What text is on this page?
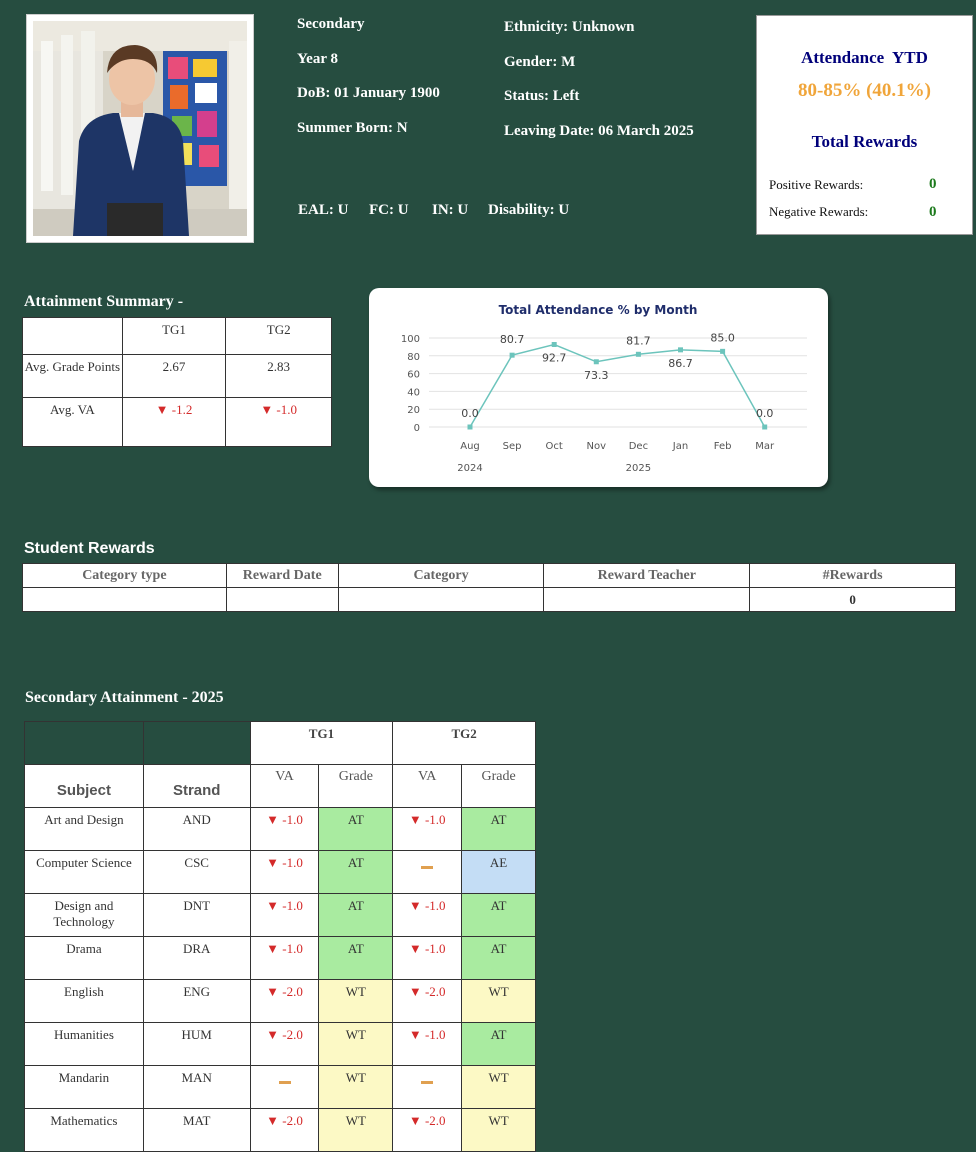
Secondary
Year 8
DoB: 01 January 1900
Summer Born: N
Ethnicity: Unknown
Gender: M
Status: Left
Leaving Date: 06 March 2025
EAL: U FC: U IN: U Disability: U
Attendance  YTD
80-85% (40.1%)
Total Rewards
Positive Rewards:	0
Negative Rewards:	0
Attainment Summary -
	TG1	TG2
Avg. Grade Points	2.67	2.83
Avg. VA	▼ -1.2	▼ -1.0
Total Attendance % by Month
0
20
40
60
80
100
Aug Sep Oct Nov Dec Jan	Feb Mar
2024	2025
0.0
80.7
92.7
73.3
81.7
86.7
85.0
0.0
Student Rewards
Category type	Reward Date	Category	Reward Teacher	#Rewards
				0
Secondary Attainment - 2025
		TG1		TG2	
Subject	Strand	VA	Grade	VA	Grade
Art and Design	AND	▼ -1.0	AT	▼ -1.0	AT
Computer Science	CSC	▼ -1.0	AT		AE
Design and Technology	DNT	▼ -1.0	AT	▼ -1.0	AT
Drama	DRA	▼ -1.0	AT	▼ -1.0	AT
English	ENG	▼ -2.0	WT	▼ -2.0	WT
Humanities	HUM	▼ -2.0	WT	▼ -1.0	AT
Mandarin	MAN		WT		WT
Mathematics	MAT	▼ -2.0	WT	▼ -2.0	WT
